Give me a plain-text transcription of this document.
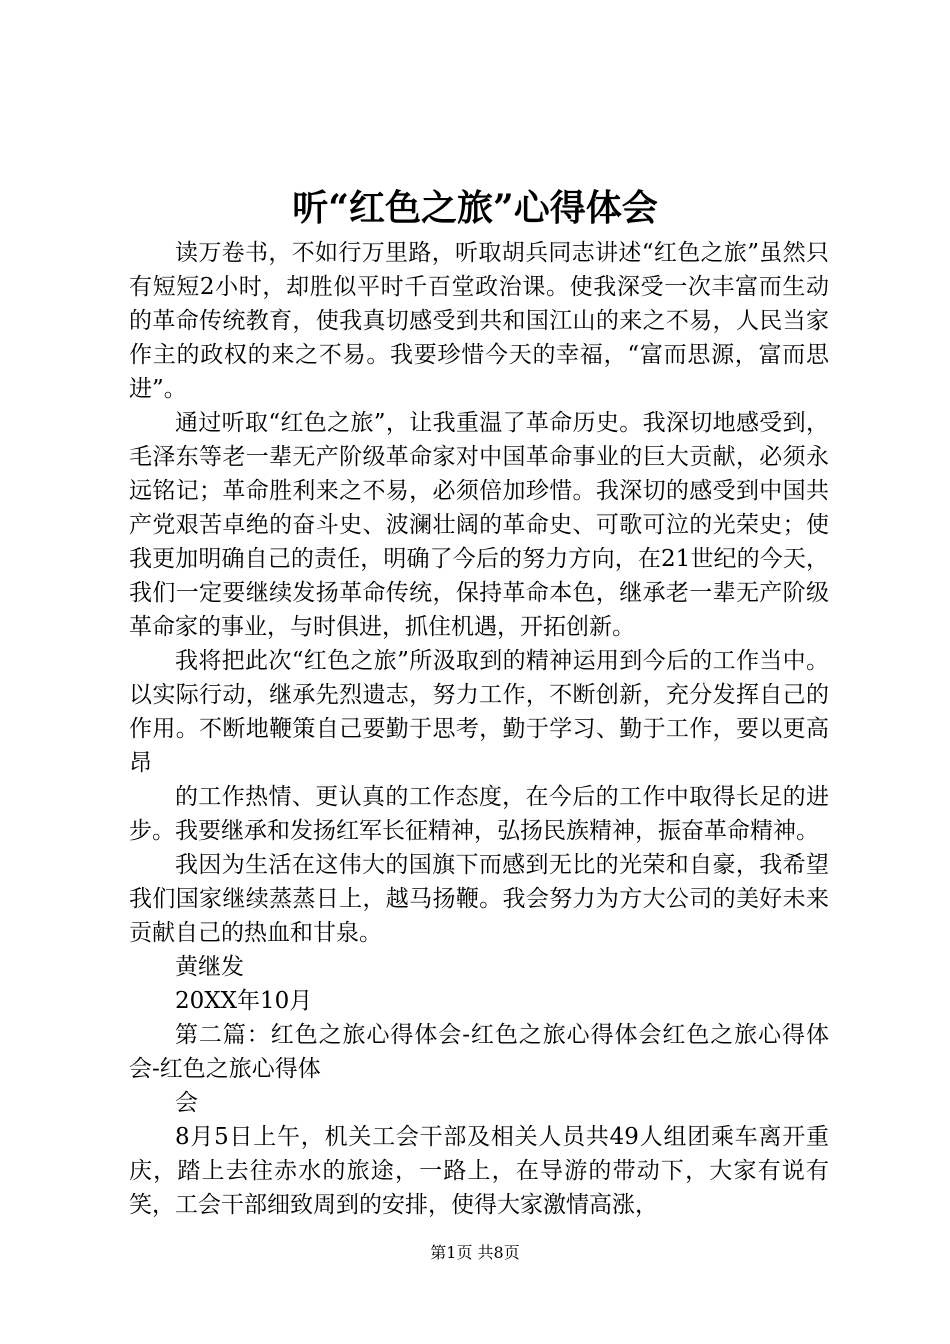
听“红色之旅”心得体会

读万卷书，不如行万里路，听取胡兵同志讲述“红色之旅”虽然只有短短2小时，却胜似平时千百堂政治课。使我深受一次丰富而生动的革命传统教育，使我真切感受到共和国江山的来之不易，人民当家作主的政权的来之不易。我要珍惜今天的幸福，“富而思源，富而思进”。

通过听取“红色之旅”，让我重温了革命历史。我深切地感受到，毛泽东等老一辈无产阶级革命家对中国革命事业的巨大贡献，必须永远铭记；革命胜利来之不易，必须倍加珍惜。我深切的感受到中国共产党艰苦卓绝的奋斗史、波澜壮阔的革命史、可歌可泣的光荣史；使我更加明确自己的责任，明确了今后的努力方向，在21世纪的今天，我们一定要继续发扬革命传统，保持革命本色，继承老一辈无产阶级革命家的事业，与时俱进，抓住机遇，开拓创新。

我将把此次“红色之旅”所汲取到的精神运用到今后的工作当中。以实际行动，继承先烈遗志，努力工作，不断创新，充分发挥自己的作用。不断地鞭策自己要勤于思考，勤于学习、勤于工作，要以更高昂

的工作热情、更认真的工作态度，在今后的工作中取得长足的进步。我要继承和发扬红军长征精神，弘扬民族精神，振奋革命精神。

我因为生活在这伟大的国旗下而感到无比的光荣和自豪，我希望我们国家继续蒸蒸日上，越马扬鞭。我会努力为方大公司的美好未来贡献自己的热血和甘泉。

黄继发

20XX年10月

第二篇：红色之旅心得体会-红色之旅心得体会红色之旅心得体会-红色之旅心得体

会

8月5日上午，机关工会干部及相关人员共49人组团乘车离开重庆，踏上去往赤水的旅途，一路上，在导游的带动下，大家有说有笑，工会干部细致周到的安排，使得大家激情高涨，

第1页 共8页
